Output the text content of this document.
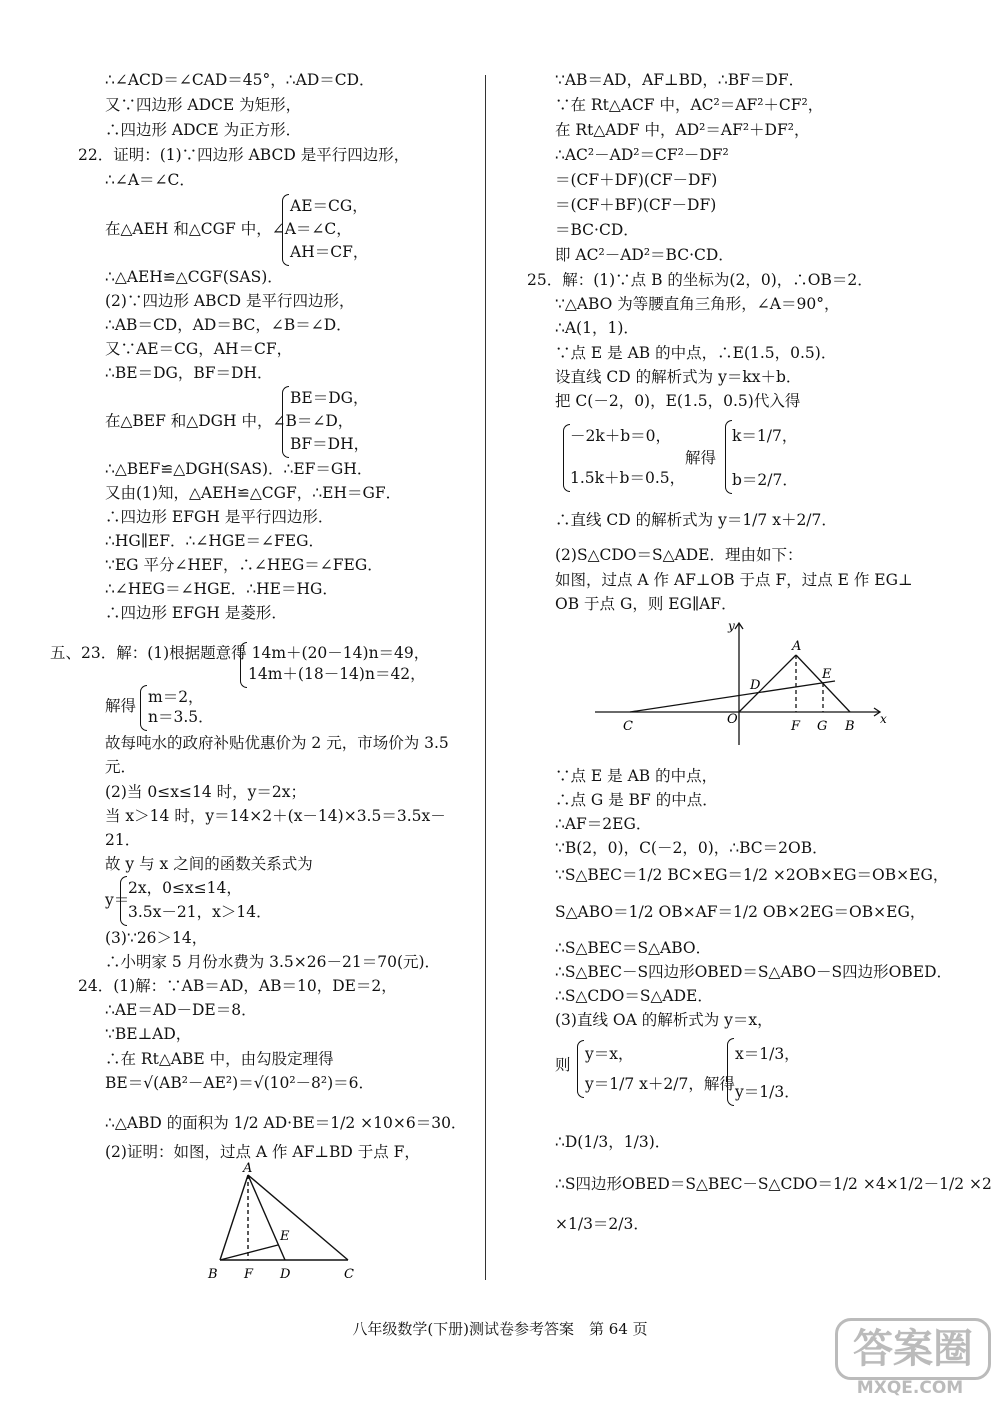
∴∠ACD＝∠CAD＝45°，∴AD＝CD．
又∵四边形 ADCE 为矩形，
∴四边形 ADCE 为正方形．
22．证明：(1)∵四边形 ABCD 是平行四边形，
∴∠A＝∠C．
AE＝CG，
在△AEH 和△CGF 中，∠A＝∠C，
AH＝CF，
∴△AEH≌△CGF(SAS)．
(2)∵四边形 ABCD 是平行四边形，
∴AB＝CD，AD＝BC，∠B＝∠D．
又∵AE＝CG，AH＝CF，
∴BE＝DG，BF＝DH．
BE＝DG，
在△BEF 和△DGH 中，∠B＝∠D，
BF＝DH，
∴△BEF≌△DGH(SAS)．∴EF＝GH．
又由(1)知，△AEH≌△CGF，∴EH＝GF．
∴四边形 EFGH 是平行四边形．
∴HG∥EF．∴∠HGE＝∠FEG．
∵EG 平分∠HEF，∴∠HEG＝∠FEG．
∴∠HEG＝∠HGE．∴HE＝HG．
∴四边形 EFGH 是菱形．
五、23．解：(1)根据题意得 14m＋(20－14)n＝49，
14m＋(18－14)n＝42，
m＝2，
解得
n＝3.5．
故每吨水的政府补贴优惠价为 2 元，市场价为 3.5
元．
(2)当 0≤x≤14 时，y＝2x；
当 x＞14 时，y＝14×2＋(x－14)×3.5＝3.5x－
21．
故 y 与 x 之间的函数关系式为
2x，0≤x≤14，
y＝
3.5x－21，x＞14．
(3)∵26＞14，
∴小明家 5 月份水费为 3.5×26－21＝70(元)．
24．(1)解：∵AB＝AD，AB＝10，DE＝2，
∴AE＝AD－DE＝8．
∵BE⊥AD，
∴在 Rt△ABE 中，由勾股定理得
BE＝√(AB²－AE²)＝√(10²－8²)＝6．
∴△ABD 的面积为 1/2 AD·BE＝1/2 ×10×6＝30．
(2)证明：如图，过点 A 作 AF⊥BD 于点 F，
∵AB＝AD，AF⊥BD，∴BF＝DF．
∵在 Rt△ACF 中，AC²＝AF²＋CF²，
在 Rt△ADF 中，AD²＝AF²＋DF²，
∴AC²－AD²＝CF²－DF²
＝(CF＋DF)(CF－DF)
＝(CF＋BF)(CF－DF)
＝BC·CD．
即 AC²－AD²＝BC·CD．
25．解：(1)∵点 B 的坐标为(2，0)，∴OB＝2．
∵△ABO 为等腰直角三角形，∠A＝90°，
∴A(1，1)．
∵点 E 是 AB 的中点，∴E(1.5，0.5)．
设直线 CD 的解析式为 y＝kx＋b．
把 C(－2，0)，E(1.5，0.5)代入得
－2k＋b＝0，
解得
k＝1/7，
1.5k＋b＝0.5，	b＝2/7．
∴直线 CD 的解析式为 y＝1/7 x＋2/7．
(2)S△CDO＝S△ADE．理由如下：
如图，过点 A 作 AF⊥OB 于点 F，过点 E 作 EG⊥
OB 于点 G，则 EG∥AF．
∵点 E 是 AB 的中点，
∴点 G 是 BF 的中点．
∴AF＝2EG．
∵B(2，0)，C(－2，0)，∴BC＝2OB．
∵S△BEC＝1/2 BC×EG＝1/2 ×2OB×EG＝OB×EG，
S△ABO＝1/2 OB×AF＝1/2 OB×2EG＝OB×EG，
∴S△BEC＝S△ABO．
∴S△BEC－S四边形OBED＝S△ABO－S四边形OBED．
∴S△CDO＝S△ADE．
(3)直线 OA 的解析式为 y＝x，
y＝x，
则
x＝1/3，
y＝1/7 x＋2/7，解得 y＝1/3．
∴D(1/3，1/3)．
∴S四边形OBED＝S△BEC－S△CDO＝1/2 ×4×1/2－1/2 ×2
×1/3＝2/3．
A
E
B F D	C
y
A
D
E
C	O	F G B x
八年级数学(下册)测试卷参考答案　第 64 页	答案圈
MXQE.COM
